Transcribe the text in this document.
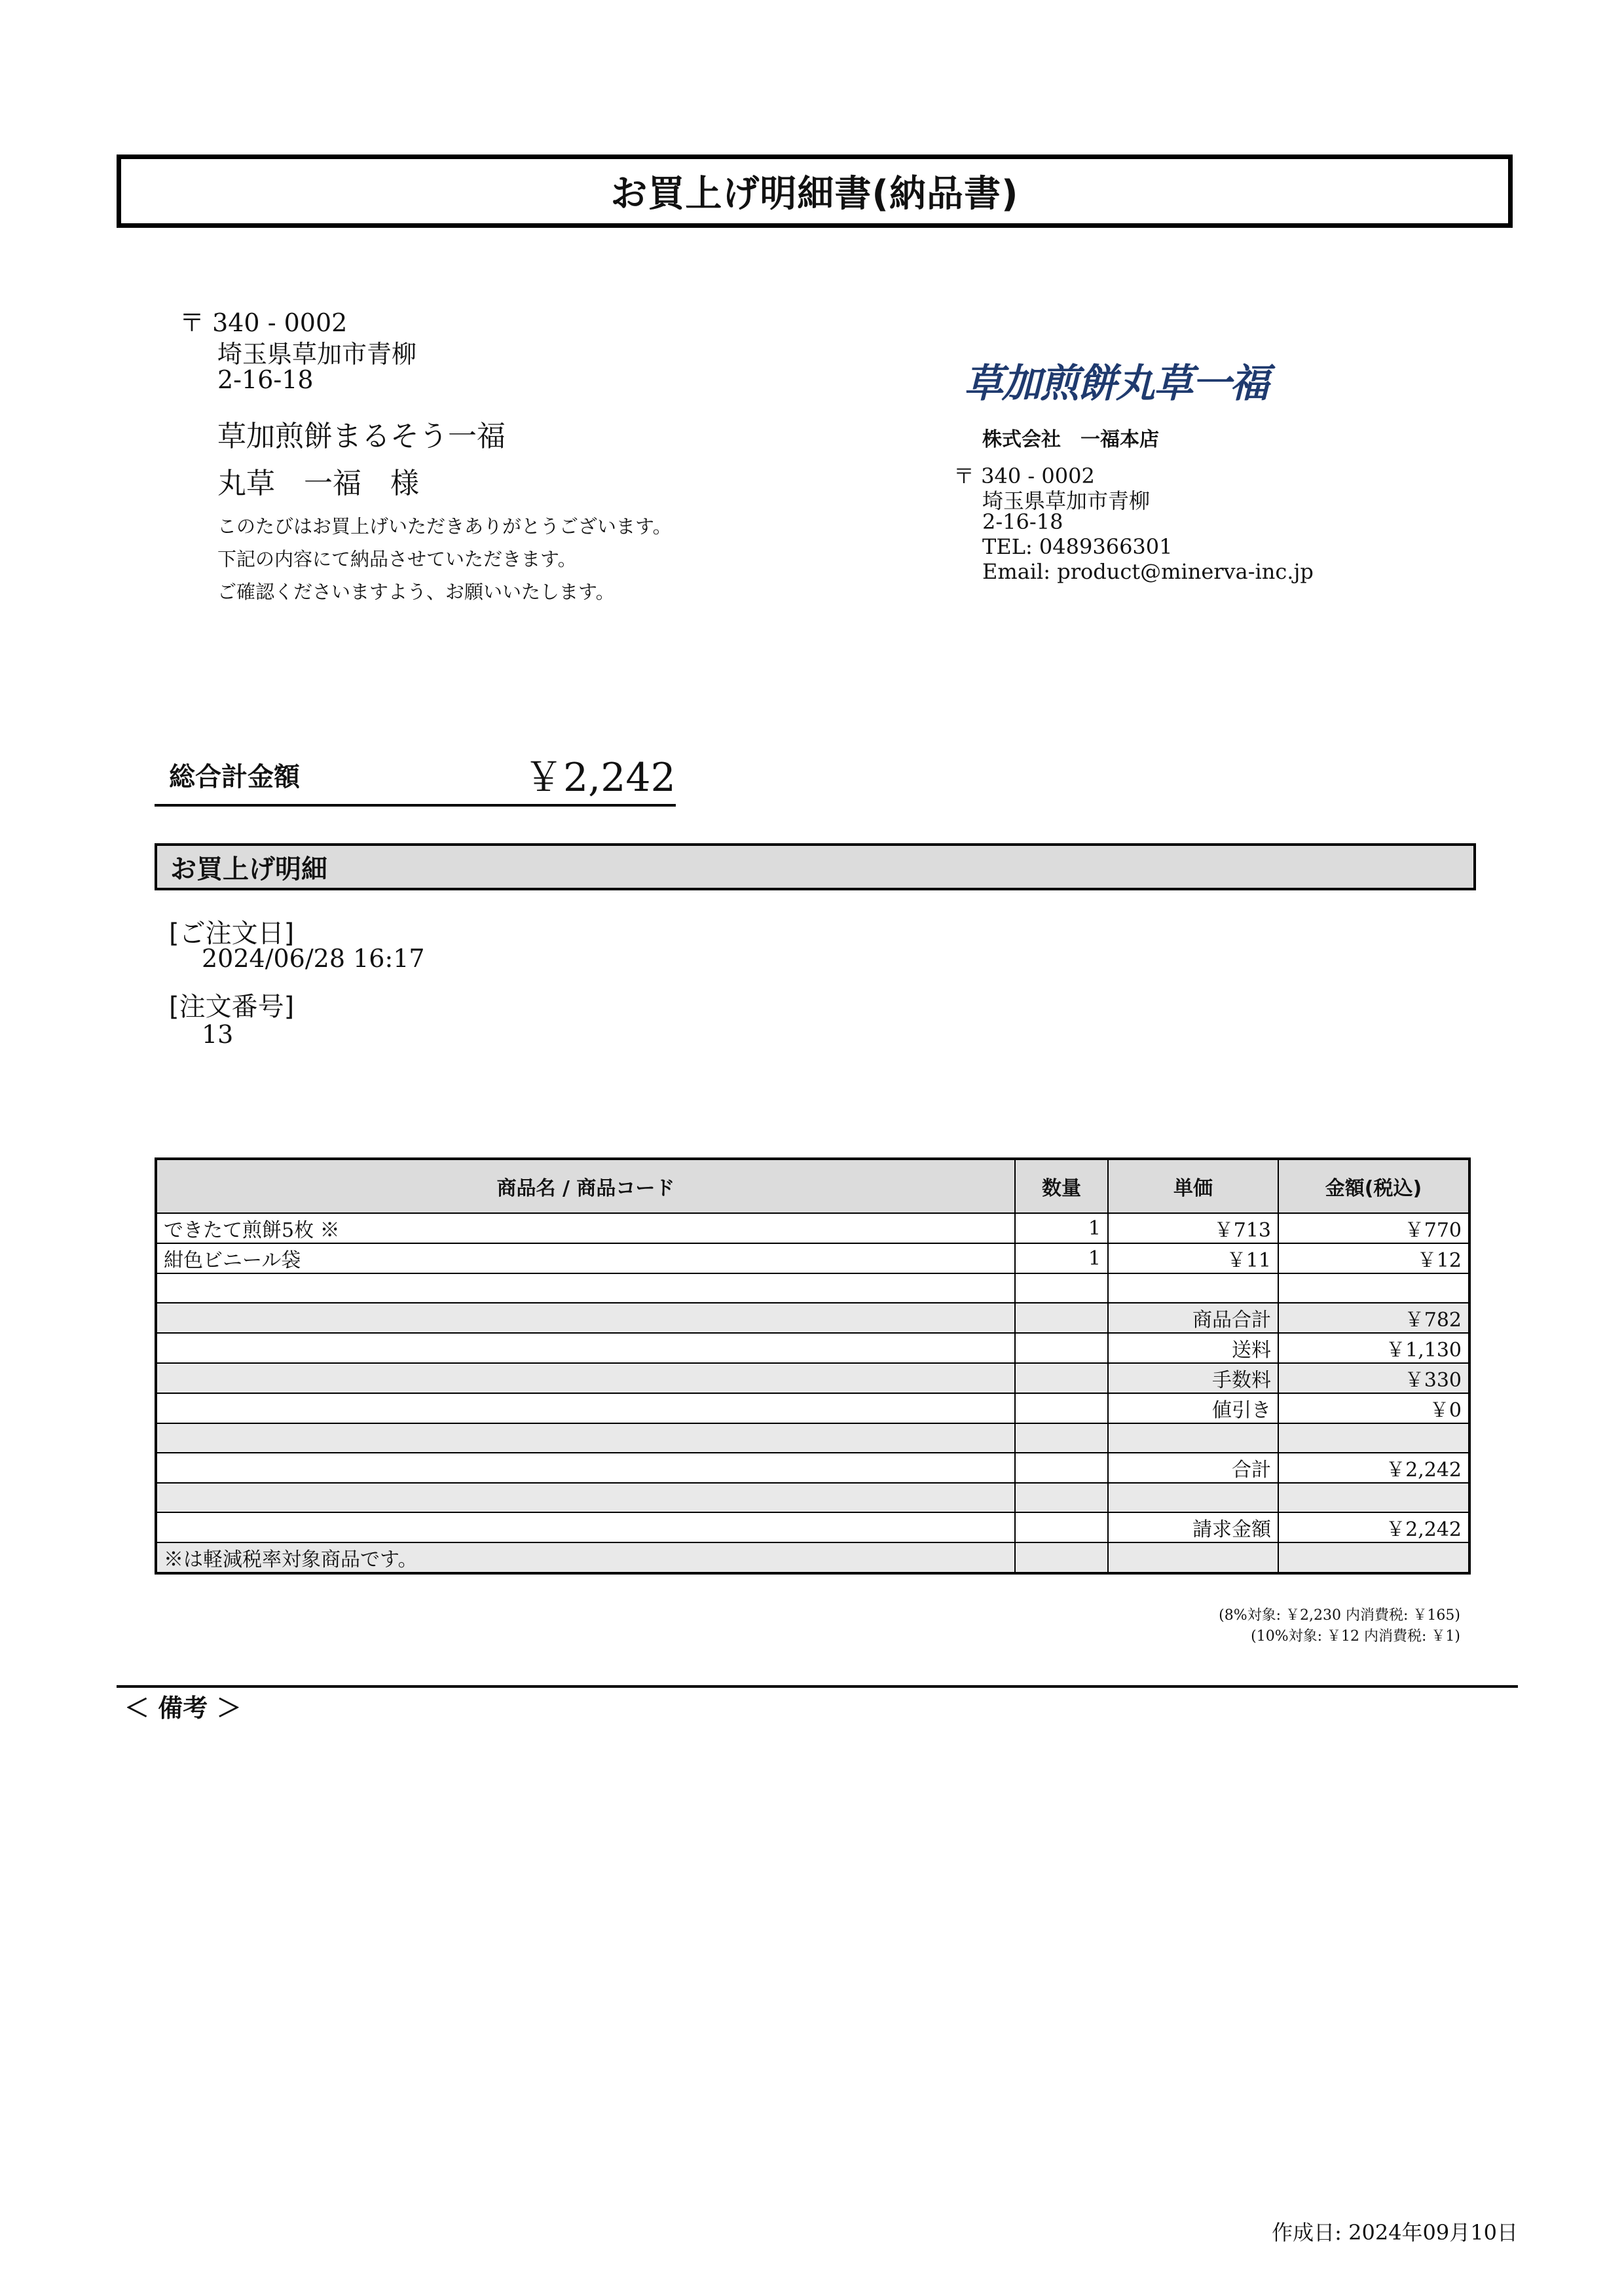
お買上げ明細書(納品書)
〒 340 - 0002
埼玉県草加市青柳
2-16-18
草加煎餅まるそう一福
丸草　一福　様
このたびはお買上げいただきありがとうございます。
下記の内容にて納品させていただきます。
ご確認くださいますよう、お願いいたします。
草加煎餅丸草一福
株式会社　一福本店
〒 340 - 0002
埼玉県草加市青柳
2-16-18
TEL: 0489366301
Email: product@minerva-inc.jp
総合計金額	￥2,242
お買上げ明細
[ご注文日]
2024/06/28 16:17
[注文番号]
13
商品名 / 商品コード	数量	単価	金額(税込)
できたて煎餅5枚 ※	1	￥713	￥770
紺色ビニール袋	1	￥11	￥12

		商品合計	￥782
		送料	￥1,130
		手数料	￥330
		値引き	￥0

		合計	￥2,242

		請求金額	￥2,242
※は軽減税率対象商品です。			
(8%対象: ￥2,230 内消費税: ￥165)
(10%対象: ￥12 内消費税: ￥1)
＜ 備考 ＞
作成日: 2024年09月10日
